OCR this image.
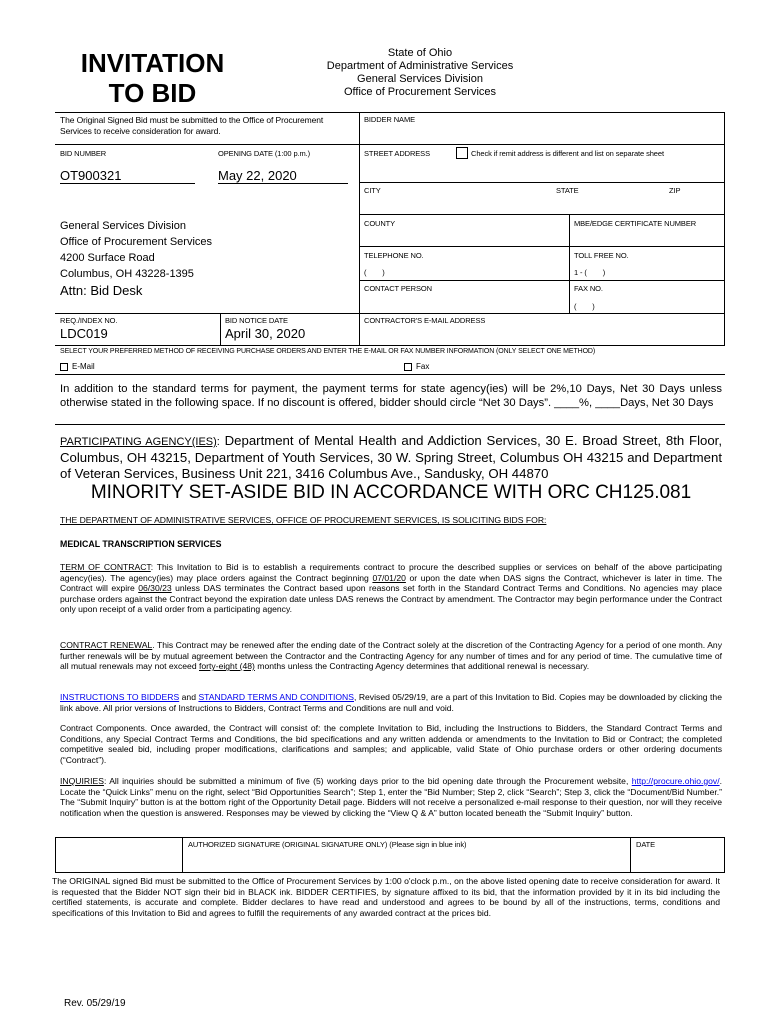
INVITATION
TO BID
State of Ohio
Department of Administrative Services
General Services Division
Office of Procurement Services
The Original Signed Bid must be submitted to the Office of Procurement Services to receive consideration for award.
BID NUMBER	OPENING DATE (1:00 p.m.)
OT900321	May 22, 2020
General Services Division
Office of Procurement Services
4200 Surface Road
Columbus, OH 43228-1395
Attn: Bid Desk
REQ./INDEX NO.
LDC019
BID NOTICE DATE
April 30, 2020
BIDDER NAME
STREET ADDRESS	Check if remit address is different and list on separate sheet
CITY	STATE	ZIP
COUNTY	MBE/EDGE CERTIFICATE NUMBER
TELEPHONE NO.
(        )
TOLL FREE NO.
1 - (        )
CONTACT PERSON	FAX NO.
(        )
CONTRACTOR'S E-MAIL ADDRESS
SELECT YOUR PREFERRED METHOD OF RECEIVING PURCHASE ORDERS AND ENTER THE E-MAIL OR FAX NUMBER INFORMATION (ONLY SELECT ONE METHOD)
E-Mail	Fax
In addition to the standard terms for payment, the payment terms for state agency(ies) will be 2%,10 Days, Net 30 Days unless otherwise stated in the following space. If no discount is offered, bidder should circle “Net 30 Days”. ____%, ____Days, Net 30 Days
PARTICIPATING AGENCY(IES): Department of Mental Health and Addiction Services, 30 E. Broad Street, 8th Floor, Columbus, OH 43215, Department of Youth Services, 30 W. Spring Street, Columbus OH 43215 and Department of Veteran Services, Business Unit 221, 3416 Columbus Ave., Sandusky, OH 44870
MINORITY SET-ASIDE BID IN ACCORDANCE WITH ORC CH125.081
THE DEPARTMENT OF ADMINISTRATIVE SERVICES, OFFICE OF PROCUREMENT SERVICES, IS SOLICITING BIDS FOR:
MEDICAL TRANSCRIPTION SERVICES
TERM OF CONTRACT: This Invitation to Bid is to establish a requirements contract to procure the described supplies or services on behalf of the above participating agency(ies). The agency(ies) may place orders against the Contract beginning 07/01/20 or upon the date when DAS signs the Contract, whichever is later in time. The Contract will expire 06/30/23 unless DAS terminates the Contract based upon reasons set forth in the Standard Contract Terms and Conditions. No agencies may place purchase orders against the Contract beyond the expiration date unless DAS renews the Contract by amendment. The Contractor may begin performance under the Contract only upon receipt of a valid order from a participating agency.
CONTRACT RENEWAL. This Contract may be renewed after the ending date of the Contract solely at the discretion of the Contracting Agency for a period of one month. Any further renewals will be by mutual agreement between the Contractor and the Contracting Agency for any number of times and for any period of time. The cumulative time of all mutual renewals may not exceed forty-eight (48) months unless the Contracting Agency determines that additional renewal is necessary.
INSTRUCTIONS TO BIDDERS and STANDARD TERMS AND CONDITIONS, Revised 05/29/19, are a part of this Invitation to Bid. Copies may be downloaded by clicking the link above. All prior versions of Instructions to Bidders, Contract Terms and Conditions are null and void.
Contract Components. Once awarded, the Contract will consist of: the complete Invitation to Bid, including the Instructions to Bidders, the Standard Contract Terms and Conditions, any Special Contract Terms and Conditions, the bid specifications and any written addenda or amendments to the Invitation to Bid or Contract; the completed competitive sealed bid, including proper modifications, clarifications and samples; and applicable, valid State of Ohio purchase orders or other ordering documents (“Contract”).
INQUIRIES: All inquiries should be submitted a minimum of five (5) working days prior to the bid opening date through the Procurement website, http://procure.ohio.gov/. Locate the “Quick Links” menu on the right, select “Bid Opportunities Search”; Step 1, enter the “Bid Number; Step 2, click “Search”; Step 3, click the “Document/Bid Number.” The “Submit Inquiry” button is at the bottom right of the Opportunity Detail page. Bidders will not receive a personalized e-mail response to their question, nor will they receive notification when the question is answered. Responses may be viewed by clicking the “View Q & A” button located beneath the “Submit Inquiry” button.
AUTHORIZED SIGNATURE (ORIGINAL SIGNATURE ONLY) (Please sign in blue ink)	DATE
The ORIGINAL signed Bid must be submitted to the Office of Procurement Services by 1:00 o'clock p.m., on the above listed opening date to receive consideration for award. It is requested that the Bidder NOT sign their bid in BLACK ink. BIDDER CERTIFIES, by signature affixed to its bid, that the information provided by it in its bid including the certified statements, is accurate and complete. Bidder declares to have read and understood and agrees to be bound by all of the instructions, terms, conditions and specifications of this Invitation to Bid and agrees to fulfill the requirements of any awarded contract at the prices bid.
Rev. 05/29/19
